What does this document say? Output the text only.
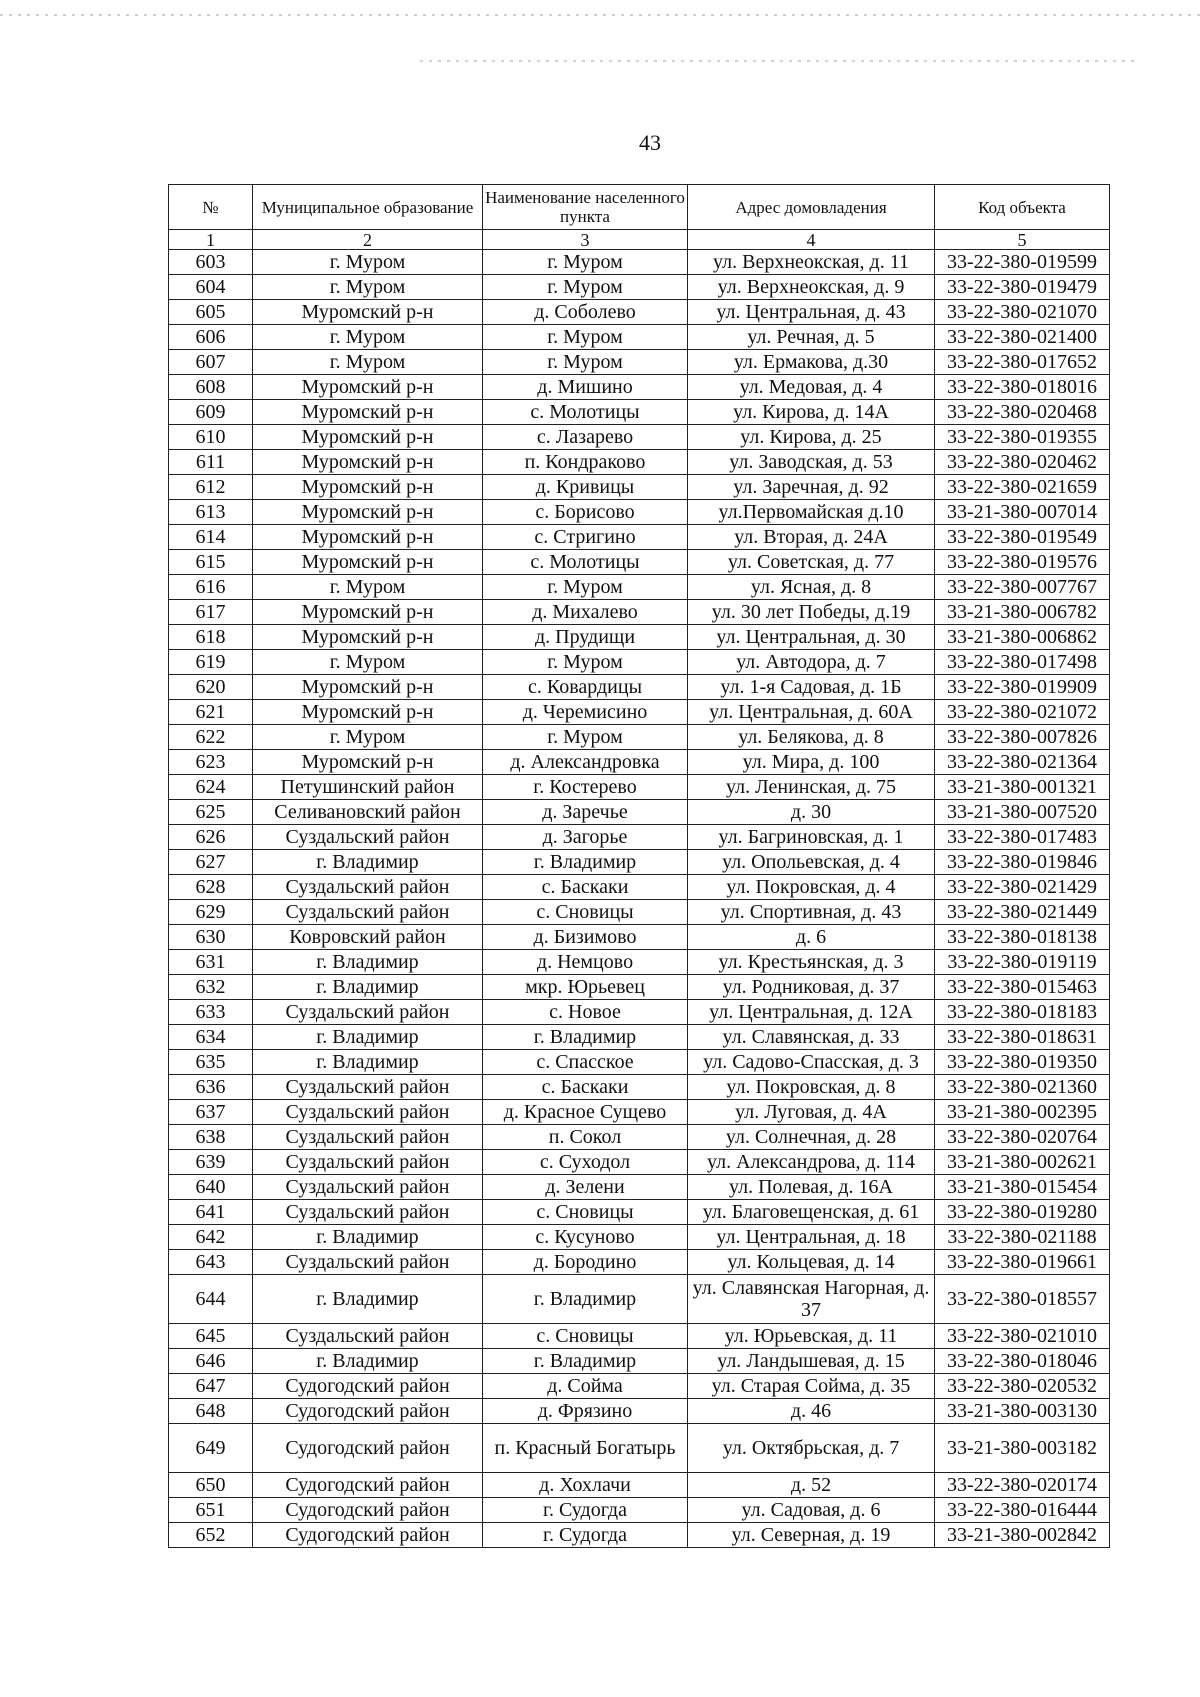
43
№	Муниципальное образование	Наименование населенного пункта	Адрес домовладения	Код объекта
1	2	3	4	5
603	г. Муром	г. Муром	ул. Верхнеокская, д. 11	33-22-380-019599
604	г. Муром	г. Муром	ул. Верхнеокская, д. 9	33-22-380-019479
605	Муромский р-н	д. Соболево	ул. Центральная, д. 43	33-22-380-021070
606	г. Муром	г. Муром	ул. Речная, д. 5	33-22-380-021400
607	г. Муром	г. Муром	ул. Ермакова, д.30	33-22-380-017652
608	Муромский р-н	д. Мишино	ул. Медовая, д. 4	33-22-380-018016
609	Муромский р-н	с. Молотицы	ул. Кирова, д. 14А	33-22-380-020468
610	Муромский р-н	с. Лазарево	ул. Кирова, д. 25	33-22-380-019355
611	Муромский р-н	п. Кондраково	ул. Заводская, д. 53	33-22-380-020462
612	Муромский р-н	д. Кривицы	ул. Заречная, д. 92	33-22-380-021659
613	Муромский р-н	с. Борисово	ул.Первомайская д.10	33-21-380-007014
614	Муромский р-н	с. Стригино	ул. Вторая, д. 24А	33-22-380-019549
615	Муромский р-н	с. Молотицы	ул. Советская, д. 77	33-22-380-019576
616	г. Муром	г. Муром	ул. Ясная, д. 8	33-22-380-007767
617	Муромский р-н	д. Михалево	ул. 30 лет Победы, д.19	33-21-380-006782
618	Муромский р-н	д. Прудищи	ул. Центральная, д. 30	33-21-380-006862
619	г. Муром	г. Муром	ул. Автодора, д. 7	33-22-380-017498
620	Муромский р-н	с. Ковардицы	ул. 1-я Садовая, д. 1Б	33-22-380-019909
621	Муромский р-н	д. Черемисино	ул. Центральная, д. 60А	33-22-380-021072
622	г. Муром	г. Муром	ул. Белякова, д. 8	33-22-380-007826
623	Муромский р-н	д. Александровка	ул. Мира, д. 100	33-22-380-021364
624	Петушинский район	г. Костерево	ул. Ленинская, д. 75	33-21-380-001321
625	Селивановский район	д. Заречье	д. 30	33-21-380-007520
626	Суздальский район	д. Загорье	ул. Багриновская, д. 1	33-22-380-017483
627	г. Владимир	г. Владимир	ул. Опольевская, д. 4	33-22-380-019846
628	Суздальский район	с. Баскаки	ул. Покровская, д. 4	33-22-380-021429
629	Суздальский район	с. Сновицы	ул. Спортивная, д. 43	33-22-380-021449
630	Ковровский район	д. Бизимово	д. 6	33-22-380-018138
631	г. Владимир	д. Немцово	ул. Крестьянская, д. 3	33-22-380-019119
632	г. Владимир	мкр. Юрьевец	ул. Родниковая, д. 37	33-22-380-015463
633	Суздальский район	с. Новое	ул. Центральная, д. 12А	33-22-380-018183
634	г. Владимир	г. Владимир	ул. Славянская, д. 33	33-22-380-018631
635	г. Владимир	с. Спасское	ул. Садово-Спасская, д. 3	33-22-380-019350
636	Суздальский район	с. Баскаки	ул. Покровская, д. 8	33-22-380-021360
637	Суздальский район	д. Красное Сущево	ул. Луговая, д. 4А	33-21-380-002395
638	Суздальский район	п. Сокол	ул. Солнечная, д. 28	33-22-380-020764
639	Суздальский район	с. Суходол	ул. Александрова, д. 114	33-21-380-002621
640	Суздальский район	д. Зелени	ул. Полевая, д. 16А	33-21-380-015454
641	Суздальский район	с. Сновицы	ул. Благовещенская, д. 61	33-22-380-019280
642	г. Владимир	с. Кусуново	ул. Центральная, д. 18	33-22-380-021188
643	Суздальский район	д. Бородино	ул. Кольцевая, д. 14	33-22-380-019661
644	г. Владимир	г. Владимир	ул. Славянская Нагорная, д. 37	33-22-380-018557
645	Суздальский район	с. Сновицы	ул. Юрьевская, д. 11	33-22-380-021010
646	г. Владимир	г. Владимир	ул. Ландышевая, д. 15	33-22-380-018046
647	Судогодский район	д. Сойма	ул. Старая Сойма, д. 35	33-22-380-020532
648	Судогодский район	д. Фрязино	д. 46	33-21-380-003130
649	Судогодский район	п. Красный Богатырь	ул. Октябрьская, д. 7	33-21-380-003182
650	Судогодский район	д. Хохлачи	д. 52	33-22-380-020174
651	Судогодский район	г. Судогда	ул. Садовая, д. 6	33-22-380-016444
652	Судогодский район	г. Судогда	ул. Северная, д. 19	33-21-380-002842
